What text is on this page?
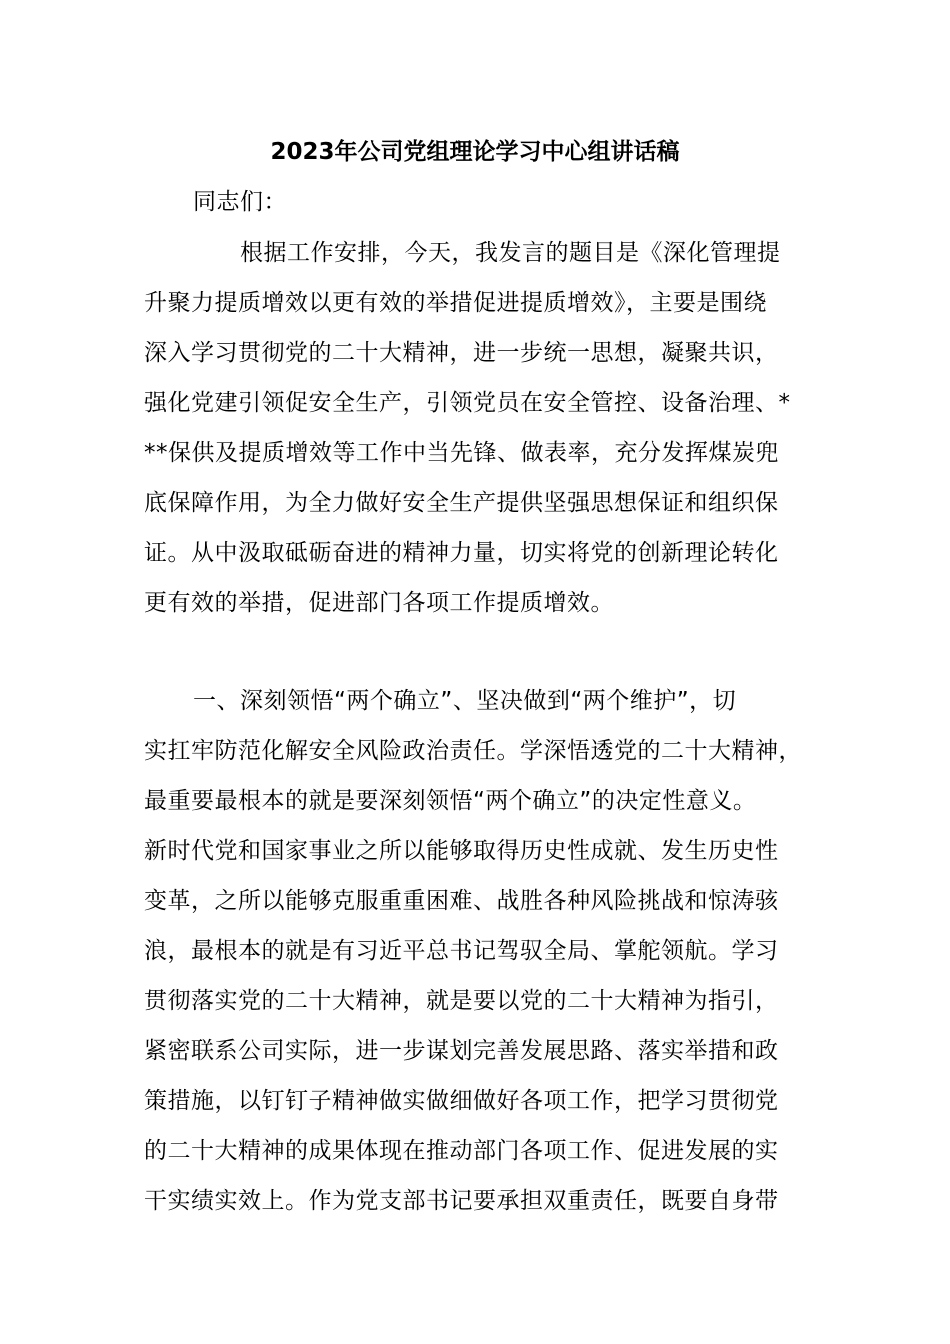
2023年公司党组理论学习中心组讲话稿
同志们：
根据工作安排，今天，我发言的题目是《深化管理提
升聚力提质增效以更有效的举措促进提质增效》，主要是围绕
深入学习贯彻党的二十大精神，进一步统一思想，凝聚共识，
强化党建引领促安全生产，引领党员在安全管控、设备治理、*
**保供及提质增效等工作中当先锋、做表率，充分发挥煤炭兜
底保障作用，为全力做好安全生产提供坚强思想保证和组织保
证。从中汲取砥砺奋进的精神力量，切实将党的创新理论转化
更有效的举措，促进部门各项工作提质增效。
一、深刻领悟“两个确立”、坚决做到“两个维护”，切
实扛牢防范化解安全风险政治责任。学深悟透党的二十大精神，
最重要最根本的就是要深刻领悟“两个确立”的决定性意义。
新时代党和国家事业之所以能够取得历史性成就、发生历史性
变革，之所以能够克服重重困难、战胜各种风险挑战和惊涛骇
浪，最根本的就是有习近平总书记驾驭全局、掌舵领航。学习
贯彻落实党的二十大精神，就是要以党的二十大精神为指引，
紧密联系公司实际，进一步谋划完善发展思路、落实举措和政
策措施，以钉钉子精神做实做细做好各项工作，把学习贯彻党
的二十大精神的成果体现在推动部门各项工作、促进发展的实
干实绩实效上。作为党支部书记要承担双重责任，既要自身带
